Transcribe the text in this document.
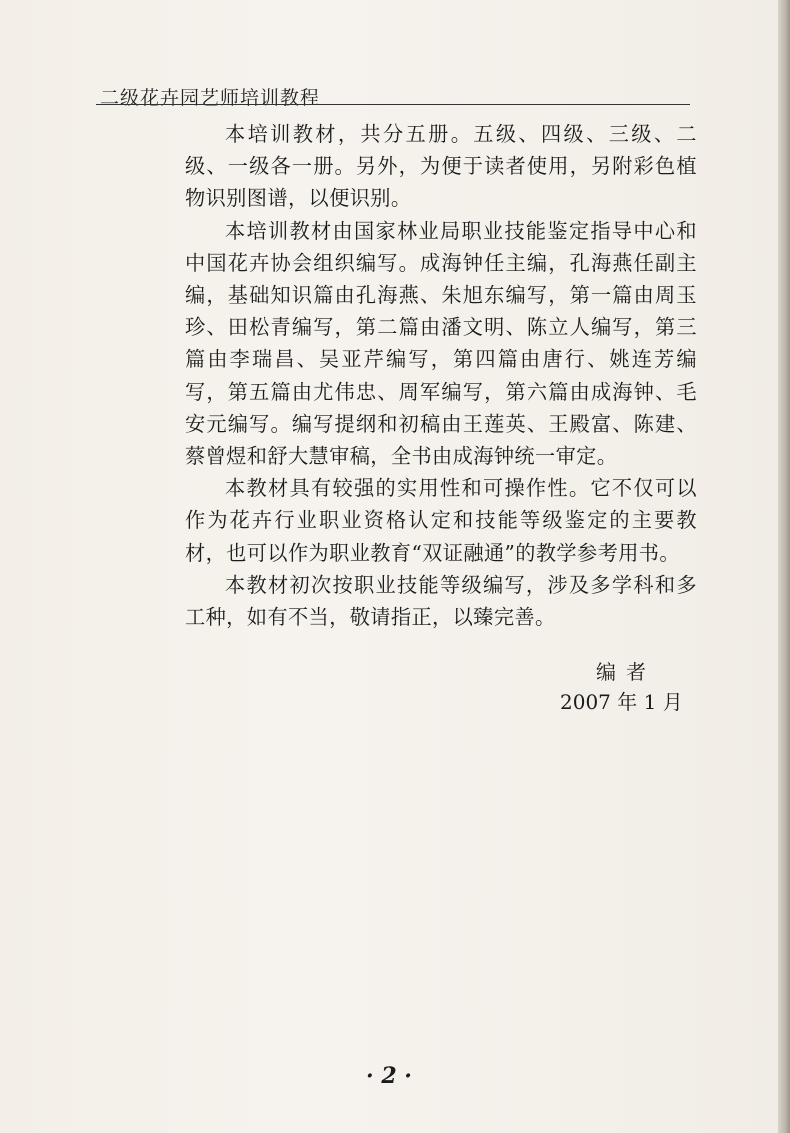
二级花卉园艺师培训教程

本培训教材，共分五册。五级、四级、三级、二级、一级各一册。另外，为便于读者使用，另附彩色植物识别图谱，以便识别。

本培训教材由国家林业局职业技能鉴定指导中心和中国花卉协会组织编写。成海钟任主编，孔海燕任副主编，基础知识篇由孔海燕、朱旭东编写，第一篇由周玉珍、田松青编写，第二篇由潘文明、陈立人编写，第三篇由李瑞昌、吴亚芹编写，第四篇由唐行、姚连芳编写，第五篇由尤伟忠、周军编写，第六篇由成海钟、毛安元编写。编写提纲和初稿由王莲英、王殿富、陈建、蔡曾煜和舒大慧审稿，全书由成海钟统一审定。

本教材具有较强的实用性和可操作性。它不仅可以作为花卉行业职业资格认定和技能等级鉴定的主要教材，也可以作为职业教育“双证融通”的教学参考用书。

本教材初次按职业技能等级编写，涉及多学科和多工种，如有不当，敬请指正，以臻完善。

编者
2007 年 1 月
· 2 ·
